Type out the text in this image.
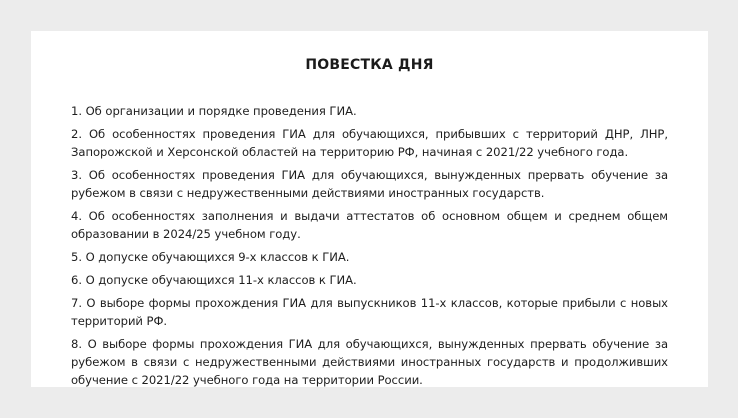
ПОВЕСТКА ДНЯ
1. Об организации и порядке проведения ГИА.
2. Об особенностях проведения ГИА для обучающихся, прибывших с территорий ДНР, ЛНР, Запорожской и Херсонской областей на территорию РФ, начиная с 2021/22 учебного года.
3. Об особенностях проведения ГИА для обучающихся, вынужденных прервать обучение за рубежом в связи с недружественными действиями иностранных государств.
4. Об особенностях заполнения и выдачи аттестатов об основном общем и среднем общем образовании в 2024/25 учебном году.
5. О допуске обучающихся 9-х классов к ГИА.
6. О допуске обучающихся 11-х классов к ГИА.
7. О выборе формы прохождения ГИА для выпускников 11-х классов, которые прибыли с новых территорий РФ.
8. О выборе формы прохождения ГИА для обучающихся, вынужденных прервать обучение за рубежом в связи с недружественными действиями иностранных государств и продолживших обучение с 2021/22 учебного года на территории России.
